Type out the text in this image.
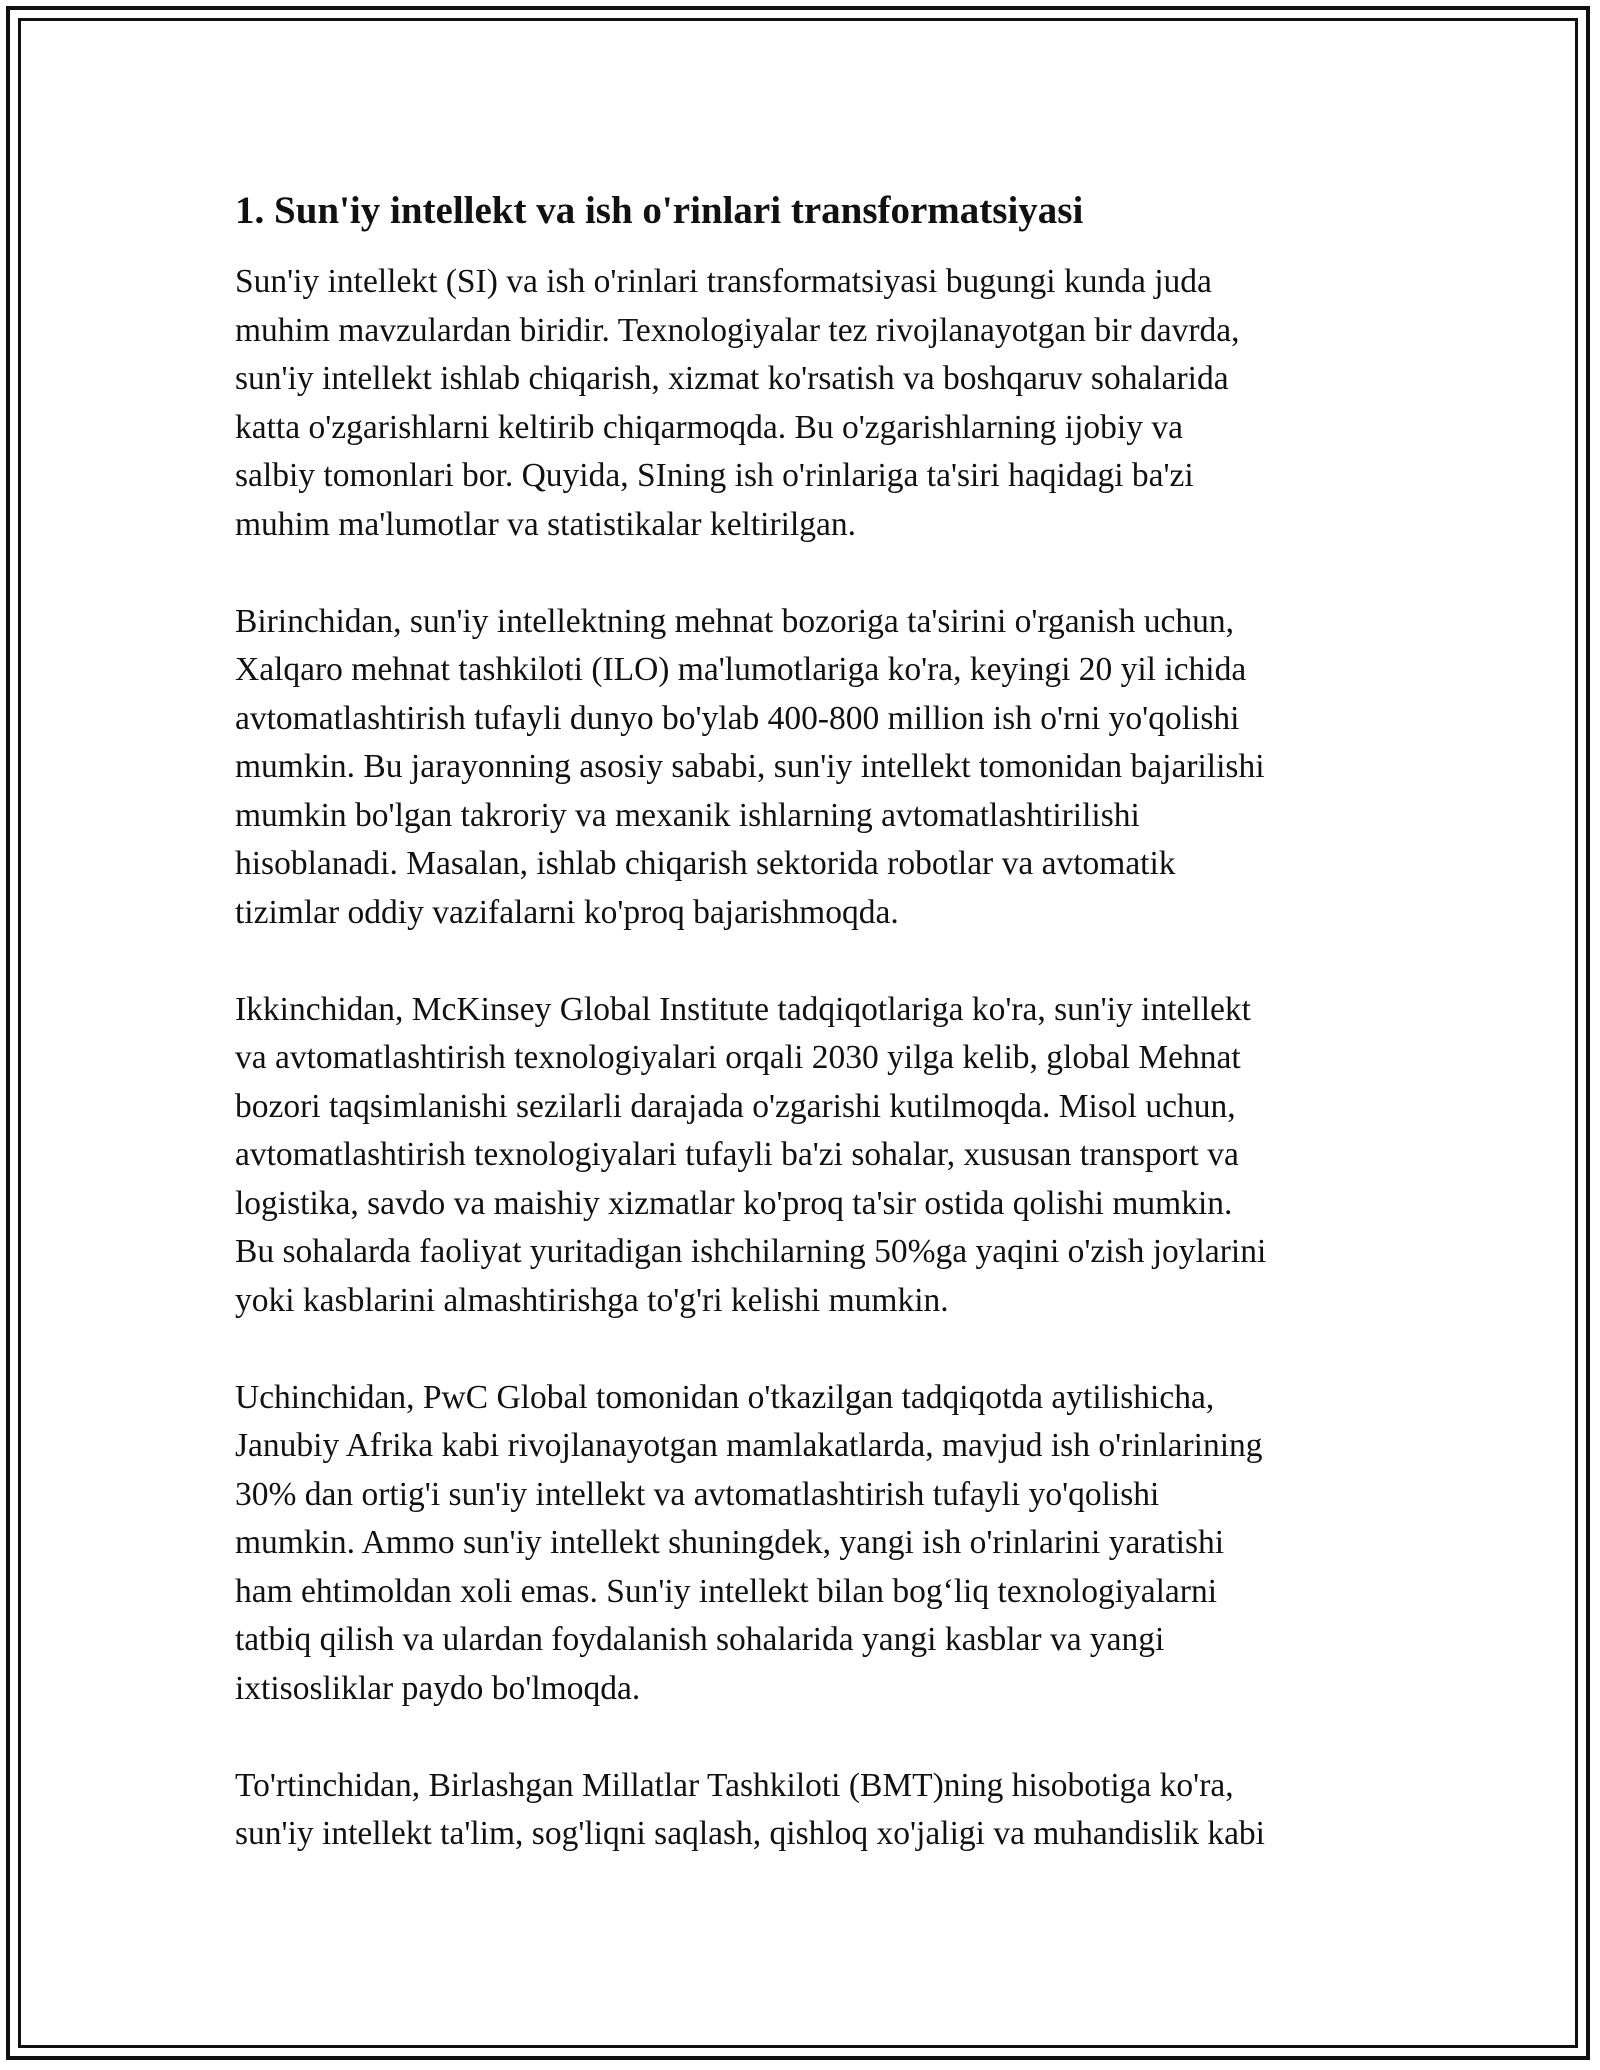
1. Sun'iy intellekt va ish o'rinlari transformatsiyasi

Sun'iy intellekt (SI) va ish o'rinlari transformatsiyasi bugungi kunda juda
muhim mavzulardan biridir. Texnologiyalar tez rivojlanayotgan bir davrda,
sun'iy intellekt ishlab chiqarish, xizmat ko'rsatish va boshqaruv sohalarida
katta o'zgarishlarni keltirib chiqarmoqda. Bu o'zgarishlarning ijobiy va
salbiy tomonlari bor. Quyida, SIning ish o'rinlariga ta'siri haqidagi ba'zi
muhim ma'lumotlar va statistikalar keltirilgan.

Birinchidan, sun'iy intellektning mehnat bozoriga ta'sirini o'rganish uchun,
Xalqaro mehnat tashkiloti (ILO) ma'lumotlariga ko'ra, keyingi 20 yil ichida
avtomatlashtirish tufayli dunyo bo'ylab 400-800 million ish o'rni yo'qolishi
mumkin. Bu jarayonning asosiy sababi, sun'iy intellekt tomonidan bajarilishi
mumkin bo'lgan takroriy va mexanik ishlarning avtomatlashtirilishi
hisoblanadi. Masalan, ishlab chiqarish sektorida robotlar va avtomatik
tizimlar oddiy vazifalarni ko'proq bajarishmoqda.

Ikkinchidan, McKinsey Global Institute tadqiqotlariga ko'ra, sun'iy intellekt
va avtomatlashtirish texnologiyalari orqali 2030 yilga kelib, global Mehnat
bozori taqsimlanishi sezilarli darajada o'zgarishi kutilmoqda. Misol uchun,
avtomatlashtirish texnologiyalari tufayli ba'zi sohalar, xususan transport va
logistika, savdo va maishiy xizmatlar ko'proq ta'sir ostida qolishi mumkin.
Bu sohalarda faoliyat yuritadigan ishchilarning 50%ga yaqini o'zish joylarini
yoki kasblarini almashtirishga to'g'ri kelishi mumkin.

Uchinchidan, PwC Global tomonidan o'tkazilgan tadqiqotda aytilishicha,
Janubiy Afrika kabi rivojlanayotgan mamlakatlarda, mavjud ish o'rinlarining
30% dan ortig'i sun'iy intellekt va avtomatlashtirish tufayli yo'qolishi
mumkin. Ammo sun'iy intellekt shuningdek, yangi ish o'rinlarini yaratishi
ham ehtimoldan xoli emas. Sun'iy intellekt bilan bog‘liq texnologiyalarni
tatbiq qilish va ulardan foydalanish sohalarida yangi kasblar va yangi
ixtisosliklar paydo bo'lmoqda.

To'rtinchidan, Birlashgan Millatlar Tashkiloti (BMT)ning hisobotiga ko'ra,
sun'iy intellekt ta'lim, sog'liqni saqlash, qishloq xo'jaligi va muhandislik kabi
